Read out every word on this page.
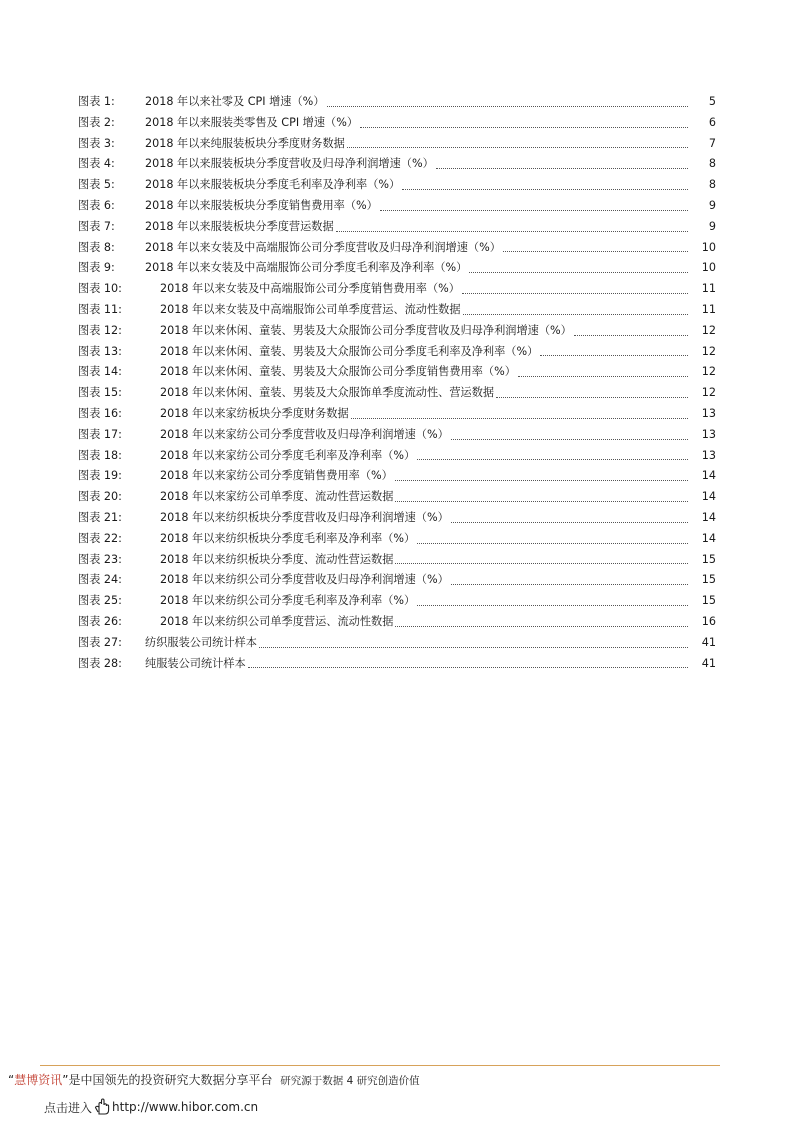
图表 1:	2018 年以来社零及 CPI 增速（%）	5
图表 2:	2018 年以来服装类零售及 CPI 增速（%）	6
图表 3:	2018 年以来纯服装板块分季度财务数据	7
图表 4:	2018 年以来服装板块分季度营收及归母净利润增速（%）	8
图表 5:	2018 年以来服装板块分季度毛利率及净利率（%）	8
图表 6:	2018 年以来服装板块分季度销售费用率（%）	9
图表 7:	2018 年以来服装板块分季度营运数据	9
图表 8:	2018 年以来女装及中高端服饰公司分季度营收及归母净利润增速（%）	10
图表 9:	2018 年以来女装及中高端服饰公司分季度毛利率及净利率（%）	10
图表 10:	2018 年以来女装及中高端服饰公司分季度销售费用率（%）	11
图表 11:	2018 年以来女装及中高端服饰公司单季度营运、流动性数据	11
图表 12:	2018 年以来休闲、童装、男装及大众服饰公司分季度营收及归母净利润增速（%）	12
图表 13:	2018 年以来休闲、童装、男装及大众服饰公司分季度毛利率及净利率（%）	12
图表 14:	2018 年以来休闲、童装、男装及大众服饰公司分季度销售费用率（%）	12
图表 15:	2018 年以来休闲、童装、男装及大众服饰单季度流动性、营运数据	12
图表 16:	2018 年以来家纺板块分季度财务数据	13
图表 17:	2018 年以来家纺公司分季度营收及归母净利润增速（%）	13
图表 18:	2018 年以来家纺公司分季度毛利率及净利率（%）	13
图表 19:	2018 年以来家纺公司分季度销售费用率（%）	14
图表 20:	2018 年以来家纺公司单季度、流动性营运数据	14
图表 21:	2018 年以来纺织板块分季度营收及归母净利润增速（%）	14
图表 22:	2018 年以来纺织板块分季度毛利率及净利率（%）	14
图表 23:	2018 年以来纺织板块分季度、流动性营运数据	15
图表 24:	2018 年以来纺织公司分季度营收及归母净利润增速（%）	15
图表 25:	2018 年以来纺织公司分季度毛利率及净利率（%）	15
图表 26:	2018 年以来纺织公司单季度营运、流动性数据	16
图表 27: 纺织服装公司统计样本	41
图表 28: 纯服装公司统计样本	41
“慧博资讯”是中国领先的投资研究大数据分享平台 研究源于数据 4 研究创造价值
点击进入 http://www.hibor.com.cn
